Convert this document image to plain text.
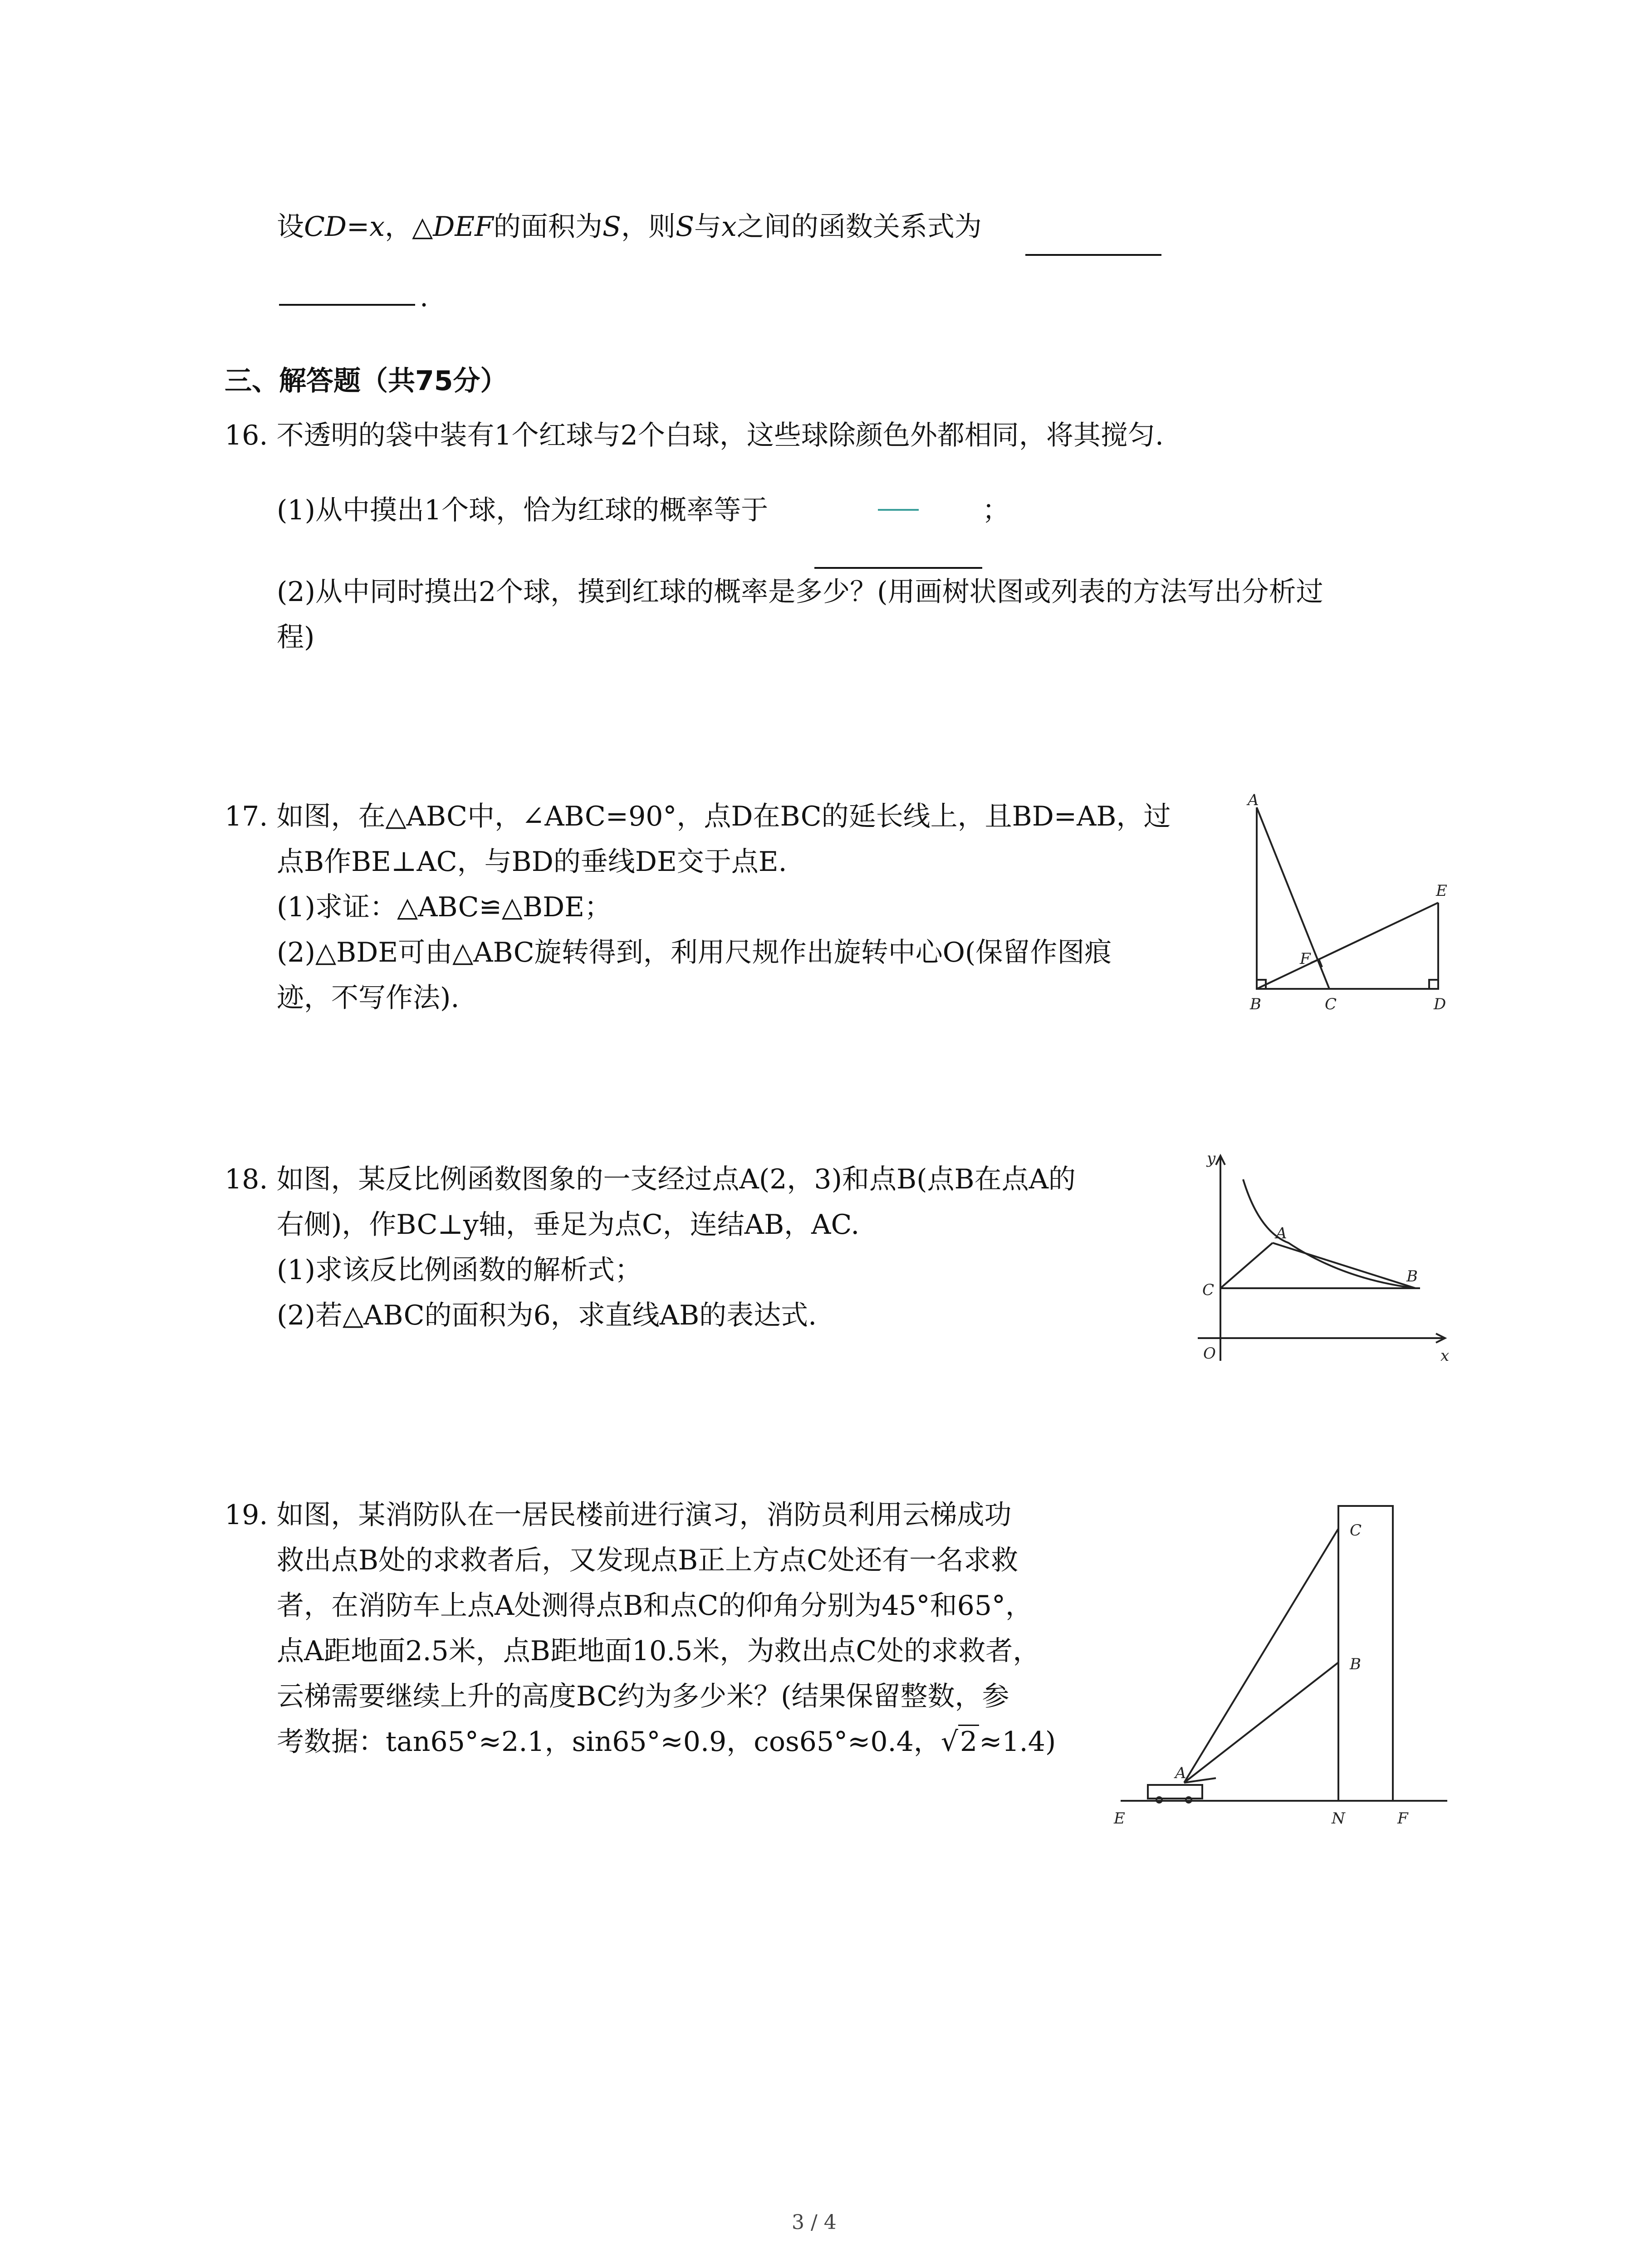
设CD=x，△DEF的面积为S，则S与x之间的函数关系式为
.
三、解答题（共75分）
16. 不透明的袋中装有1个红球与2个白球，这些球除颜色外都相同，将其搅匀.
(1)从中摸出1个球，恰为红球的概率等于	；
(2)从中同时摸出2个球，摸到红球的概率是多少？(用画树状图或列表的方法写出分析过
程)
17. 如图，在△ABC中，∠ABC=90°，点D在BC的延长线上，且BD=AB，过
点B作BE⊥AC，与BD的垂线DE交于点E.
(1)求证：△ABC≌△BDE；
(2)△BDE可由△ABC旋转得到，利用尺规作出旋转中心O(保留作图痕
迹，不写作法).
A
B	C	D
E
F
18. 如图，某反比例函数图象的一支经过点A(2，3)和点B(点B在点A的
右侧)，作BC⊥y轴，垂足为点C，连结AB，AC.
(1)求该反比例函数的解析式；
(2)若△ABC的面积为6，求直线AB的表达式.
y
x
O
A
B
C
19. 如图，某消防队在一居民楼前进行演习，消防员利用云梯成功
救出点B处的求救者后，又发现点B正上方点C处还有一名求救
者，在消防车上点A处测得点B和点C的仰角分别为45°和65°，
点A距地面2.5米，点B距地面10.5米，为救出点C处的求救者，
云梯需要继续上升的高度BC约为多少米？(结果保留整数，参
考数据：tan65°≈2.1，sin65°≈0.9，cos65°≈0.4，√2≈1.4)
C
B
A
E	N	F
3 / 4
